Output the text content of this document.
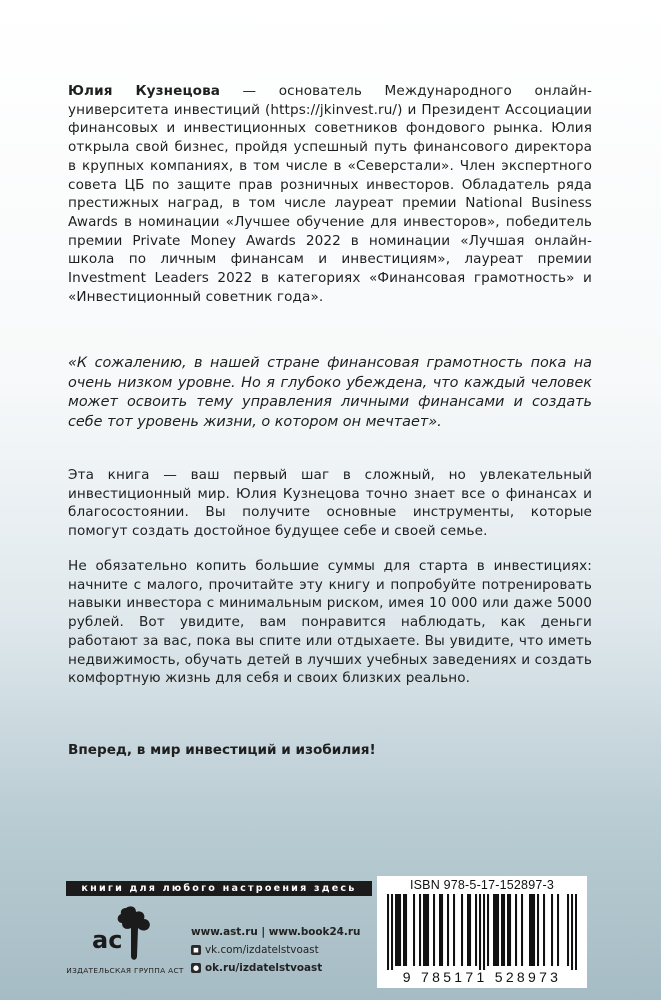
Юлия Кузнецова — основатель Международного онлайн-университета инвестиций (https://jkinvest.ru/) и Президент Ассоциации финансовых и инвестиционных советников фондового рынка. Юлия открыла свой бизнес, пройдя успешный путь финансового директора в крупных компаниях, в том числе в «Северстали». Член экспертного совета ЦБ по защите прав розничных инвесторов. Обладатель ряда престижных наград, в том числе лауреат премии National Business Awards в номинации «Лучшее обучение для инвесторов», победитель премии Private Money Awards 2022 в номинации «Лучшая онлайн-школа по личным финансам и инвестициям», лауреат премии Investment Leaders 2022 в категориях «Финансовая грамотность» и «Инвестиционный советник года».

«К сожалению, в нашей стране финансовая грамотность пока на очень низком уровне. Но я глубоко убеждена, что каждый человек может освоить тему управления личными финансами и создать себе тот уровень жизни, о котором он мечтает».

Эта книга — ваш первый шаг в сложный, но увлекательный инвестиционный мир. Юлия Кузнецова точно знает все о финансах и благосостоянии. Вы получите основные инструменты, которые помогут создать достойное будущее себе и своей семье.

Не обязательно копить большие суммы для старта в инвестициях: начните с малого, прочитайте эту книгу и попробуйте потренировать навыки инвестора с минимальным риском, имея 10 000 или даже 5000 рублей. Вот увидите, вам понравится наблюдать, как деньги работают за вас, пока вы спите или отдыхаете. Вы увидите, что иметь недвижимость, обучать детей в лучших учебных заведениях и создать комфортную жизнь для себя и своих близких реально.

Вперед, в мир инвестиций и изобилия!

книги для любого настроения здесь
ас
ИЗДАТЕЛЬСКАЯ ГРУППА АСТ
www.ast.ru | www.book24.ru
◼ vk.com/izdatelstvoast
● ok.ru/izdatelstvoast
ISBN 978-5-17-152897-3
9 785171 528973
